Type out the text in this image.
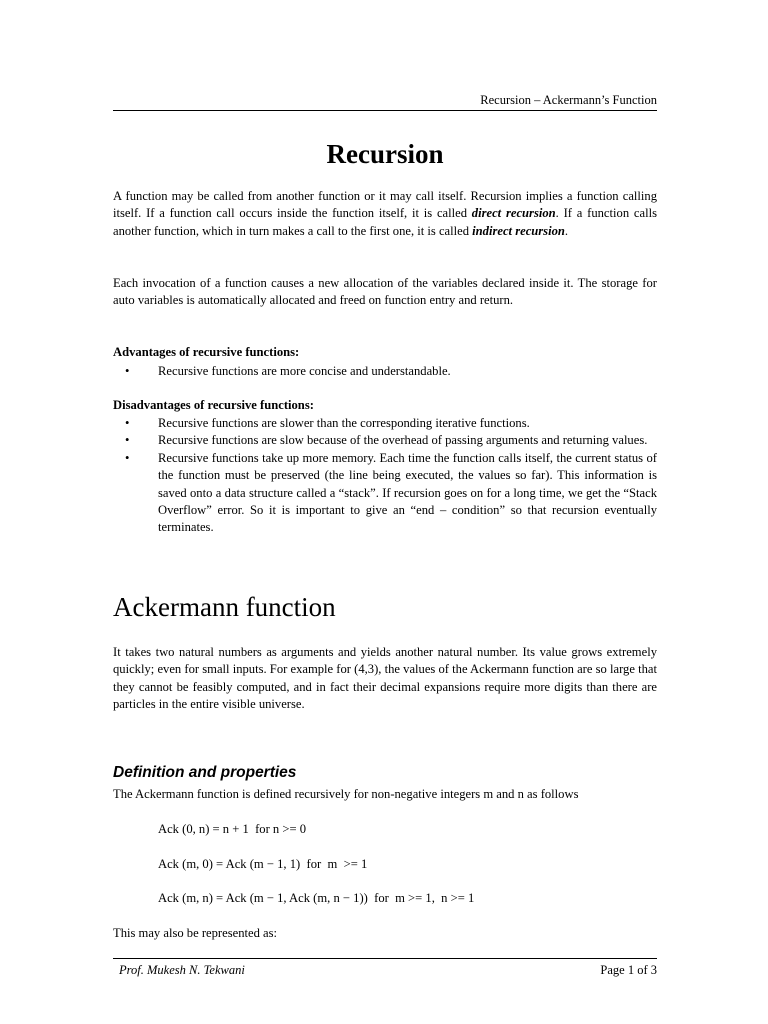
Recursion – Ackermann’s Function
Recursion

A function may be called from another function or it may call itself. Recursion implies a function calling itself. If a function call occurs inside the function itself, it is called direct recursion. If a function calls another function, which in turn makes a call to the first one, it is called indirect recursion.

Each invocation of a function causes a new allocation of the variables declared inside it. The storage for auto variables is automatically allocated and freed on function entry and return.

Advantages of recursive functions:
• Recursive functions are more concise and understandable.
Disadvantages of recursive functions:
• Recursive functions are slower than the corresponding iterative functions.
• Recursive functions are slow because of the overhead of passing arguments and returning values.
• Recursive functions take up more memory. Each time the function calls itself, the current status of the function must be preserved (the line being executed, the values so far). This information is saved onto a data structure called a “stack”. If recursion goes on for a long time, we get the “Stack Overflow” error. So it is important to give an “end – condition” so that recursion eventually terminates.
Ackermann function

It takes two natural numbers as arguments and yields another natural number. Its value grows extremely quickly; even for small inputs. For example for (4,3), the values of the Ackermann function are so large that they cannot be feasibly computed, and in fact their decimal expansions require more digits than there are particles in the entire visible universe.

Definition and properties

The Ackermann function is defined recursively for non-negative integers m and n as follows

Ack (0, n) = n + 1  for n >= 0
Ack (m, 0) = Ack (m − 1, 1)  for  m  >= 1
Ack (m, n) = Ack (m − 1, Ack (m, n − 1))  for  m >= 1,  n >= 1

This may also be represented as:

Prof. Mukesh N. Tekwani	Page 1 of 3
